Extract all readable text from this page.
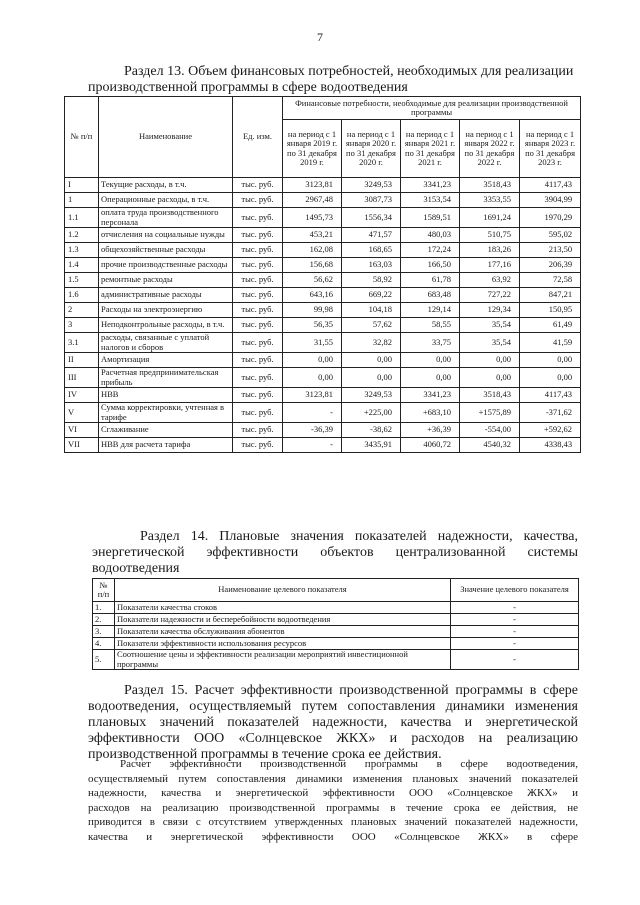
7
Раздел 13. Объем финансовых потребностей, необходимых для реализации
производственной программы в сфере водоотведения
№ п/п	Наименование	Ед. изм.	Финансовые потребности, необходимые для реализации производственной программы				
			на период с 1 января 2019 г. по 31 декабря 2019 г.	на период с 1 января 2020 г. по 31 декабря 2020 г.	на период с 1 января 2021 г. по 31 декабря 2021 г.	на период с 1 января 2022 г. по 31 декабря 2022 г.	на период с 1 января 2023 г. по 31 декабря 2023 г.
I	Текущие расходы, в т.ч.	тыс. руб.	3123,81	3249,53	3341,23	3518,43	4117,43
1	Операционные расходы, в т.ч.	тыс. руб.	2967,48	3087,73	3153,54	3353,55	3904,99
1.1	оплата труда производственного персонала	тыс. руб.	1495,73	1556,34	1589,51	1691,24	1970,29
1.2	отчисления на социальные нужды	тыс. руб.	453,21	471,57	480,03	510,75	595,02
1.3	общехозяйственные расходы	тыс. руб.	162,08	168,65	172,24	183,26	213,50
1.4	прочие производственные расходы	тыс. руб.	156,68	163,03	166,50	177,16	206,39
1.5	ремонтные расходы	тыс. руб.	56,62	58,92	61,78	63,92	72,58
1.6	административные расходы	тыс. руб.	643,16	669,22	683,48	727,22	847,21
2	Расходы на электроэнергию	тыс. руб.	99,98	104,18	129,14	129,34	150,95
3	Неподконтрольные расходы, в т.ч.	тыс. руб.	56,35	57,62	58,55	35,54	61,49
3.1	расходы, связанные с уплатой налогов и сборов	тыс. руб.	31,55	32,82	33,75	35,54	41,59
II	Амортизация	тыс. руб.	0,00	0,00	0,00	0,00	0,00
III	Расчетная предпринимательская прибыль	тыс. руб.	0,00	0,00	0,00	0,00	0,00
IV	НВВ	тыс. руб.	3123,81	3249,53	3341,23	3518,43	4117,43
V	Сумма корректировки, учтенная в тарифе	тыс. руб.	-	+225,00	+683,10	+1575,89	-371,62
VI	Сглаживание	тыс. руб.	-36,39	-38,62	+36,39	-554,00	+592,62
VII	НВВ для расчета тарифа	тыс. руб.	-	3435,91	4060,72	4540,32	4338,43
Раздел 14. Плановые значения показателей надежности, качества,
энергетической эффективности объектов централизованной системы
водоотведения
№ п/п	Наименование целевого показателя	Значение целевого показателя
1.	Показатели качества стоков	-
2.	Показатели надежности и бесперебойности водоотведения	-
3.	Показатели качества обслуживания абонентов	-
4.	Показатели эффективности использования ресурсов	-
5.	Соотношение цены и эффективности реализации мероприятий инвестиционной программы	-
Раздел 15. Расчет эффективности производственной программы в сфере
водоотведения, осуществляемый путем сопоставления динамики изменения
плановых значений показателей надежности, качества и энергетической
эффективности ООО «Солнцевское ЖКХ» и расходов на реализацию
производственной программы в течение срока ее действия.
Расчет эффективности производственной программы в сфере водоотведения,
осуществляемый путем сопоставления динамики изменения плановых значений показателей
надежности, качества и энергетической эффективности ООО «Солнцевское ЖКХ» и
расходов на реализацию производственной программы в течение срока ее действия, не
приводится в связи с отсутствием утвержденных плановых значений показателей надежности,
качества и энергетической эффективности ООО «Солнцевское ЖКХ» в сфере
